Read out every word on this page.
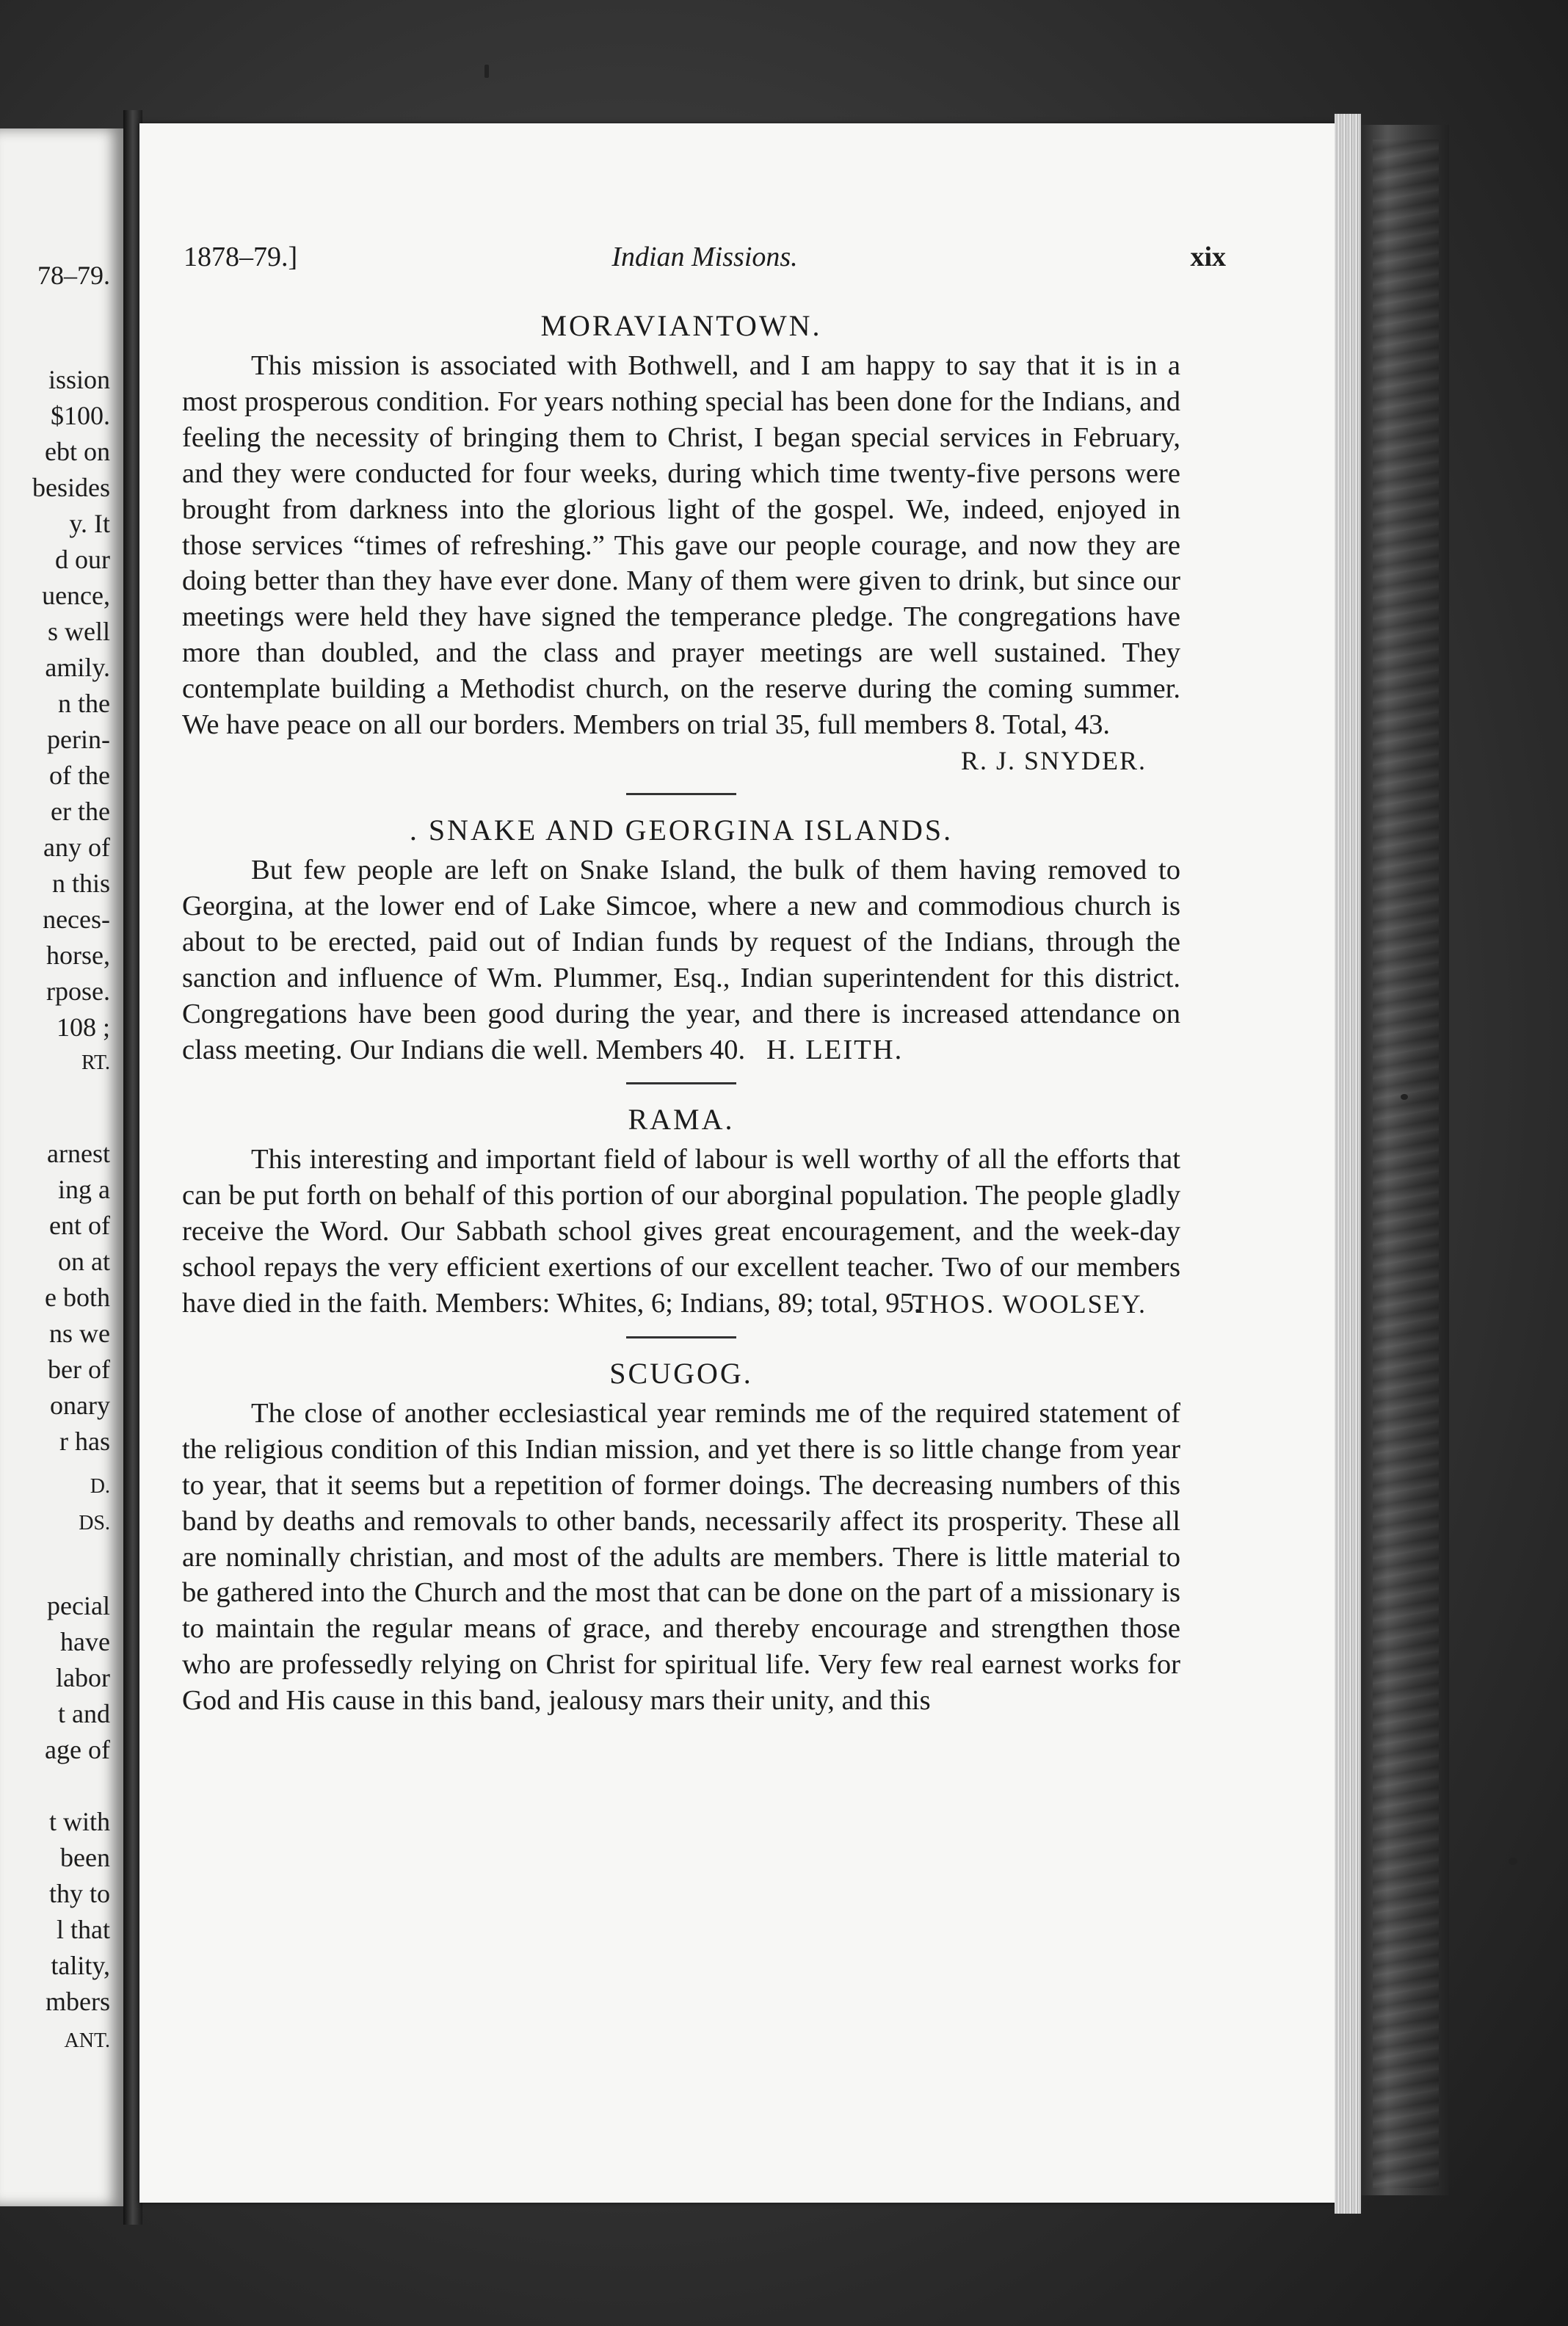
78–79.
ission
$100.
ebt on
besides
y. It
d our
uence,
s well
amily.
n the
perin-
of the
er the
any of
n this
neces-
horse,
rpose.
108 ;
RT.
arnest
ing a
ent of
on at
e both
ns we
ber of
onary
r has
D.
DS.
pecial
have
labor
t and
age of
t with
been
thy to
l that
tality,
mbers
ANT.
1878–79.]	Indian Missions.	xix
MORAVIANTOWN.

This mission is associated with Bothwell, and I am happy to say that it is in a most prosperous condition. For years nothing special has been done for the Indians, and feeling the necessity of bringing them to Christ, I began special services in February, and they were conducted for four weeks, during which time twenty-five persons were brought from darkness into the glorious light of the gospel. We, indeed, enjoyed in those services “times of refreshing.” This gave our people courage, and now they are doing better than they have ever done. Many of them were given to drink, but since our meetings were held they have signed the temperance pledge. The congregations have more than doubled, and the class and prayer meetings are well sustained. They contemplate building a Methodist church, on the reserve during the coming summer. We have peace on all our borders. Members on trial 35, full members 8. Total, 43.

R. J. SNYDER.

. SNAKE AND GEORGINA ISLANDS.

But few people are left on Snake Island, the bulk of them having removed to Georgina, at the lower end of Lake Simcoe, where a new and commodious church is about to be erected, paid out of Indian funds by request of the Indians, through the sanction and influence of Wm. Plummer, Esq., Indian superintendent for this district. Congregations have been good during the year, and there is increased attendance on class meeting. Our Indians die well. Members 40. H. LEITH.

RAMA.

This interesting and important field of labour is well worthy of all the efforts that can be put forth on behalf of this portion of our aborginal population. The people gladly receive the Word. Our Sabbath school gives great encouragement, and the week-day school repays the very efficient exertions of our excellent teacher. Two of our members have died in the faith. Members: Whites, 6; Indians, 89; total, 95.

THOS. WOOLSEY.

SCUGOG.

The close of another ecclesiastical year reminds me of the required statement of the religious condition of this Indian mission, and yet there is so little change from year to year, that it seems but a repetition of former doings. The decreasing numbers of this band by deaths and removals to other bands, necessarily affect its prosperity. These all are nominally christian, and most of the adults are members. There is little material to be gathered into the Church and the most that can be done on the part of a missionary is to maintain the regular means of grace, and thereby encourage and strengthen those who are professedly relying on Christ for spiritual life. Very few real earnest works for God and His cause in this band, jealousy mars their unity, and this
